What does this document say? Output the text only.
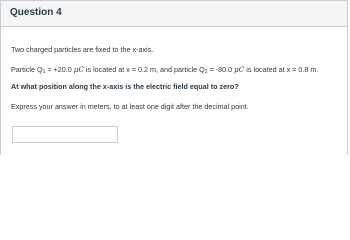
Question 4
Two charged particles are fixed to the x-axis.
Particle $Q_1 = +20.0$ μC is located at x = 0.2 m, and particle $Q_2 = -80.0$ μC is located at x = 0.8 m.
At what position along the x-axis is the electric field equal to zero?
Express your answer in meters, to at least one digit after the decimal point.
